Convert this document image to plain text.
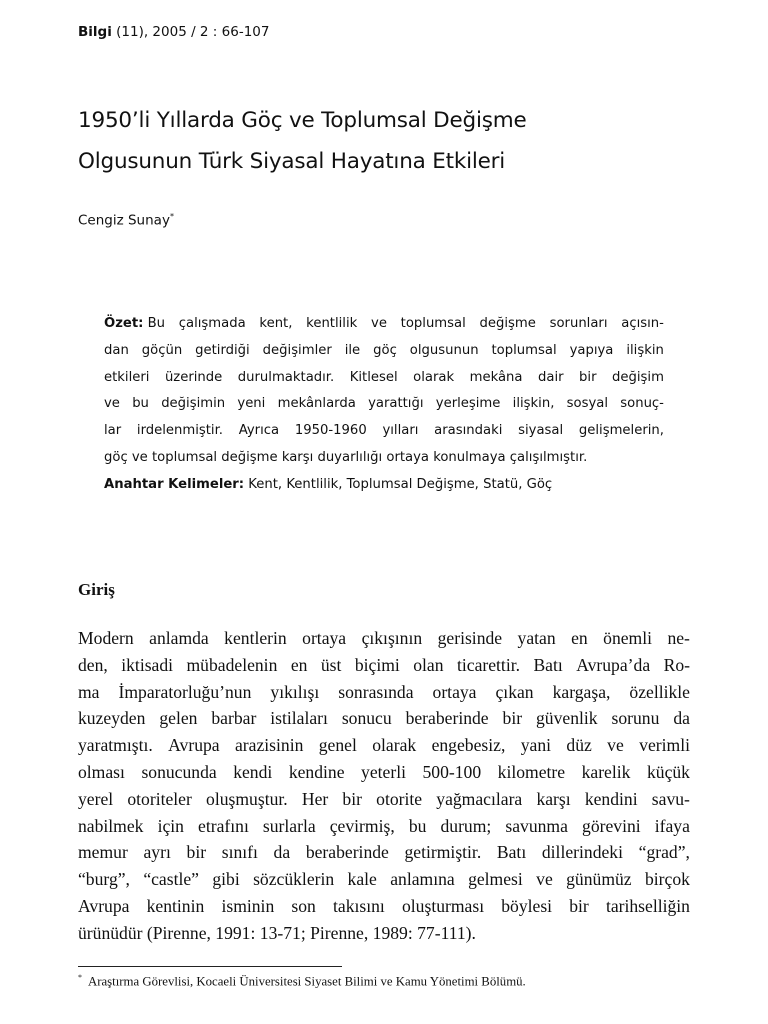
Bilgi (11), 2005 / 2 : 66-107
1950’li Yıllarda Göç ve Toplumsal Değişme
Olgusunun Türk Siyasal Hayatına Etkileri
Cengiz Sunay*
Özet: Bu çalışmada kent, kentlilik ve toplumsal değişme sorunları açısın-
dan göçün getirdiği değişimler ile göç olgusunun toplumsal yapıya ilişkin
etkileri üzerinde durulmaktadır. Kitlesel olarak mekâna dair bir değişim
ve bu değişimin yeni mekânlarda yarattığı yerleşime ilişkin, sosyal sonuç-
lar irdelenmiştir. Ayrıca 1950-1960 yılları arasındaki siyasal gelişmelerin,
göç ve toplumsal değişme karşı duyarlılığı ortaya konulmaya çalışılmıştır.
Anahtar Kelimeler:
Kent, Kentlilik, Toplumsal Değişme, Statü, Göç
Giriş
Modern anlamda kentlerin ortaya çıkışının gerisinde yatan en önemli ne-
den, iktisadi mübadelenin en üst biçimi olan ticarettir. Batı Avrupa’da Ro-
ma İmparatorluğu’nun yıkılışı sonrasında ortaya çıkan kargaşa, özellikle
kuzeyden gelen barbar istilaları sonucu beraberinde bir güvenlik sorunu da
yaratmıştı. Avrupa arazisinin genel olarak engebesiz, yani düz ve verimli
olması sonucunda kendi kendine yeterli 500-100 kilometre karelik küçük
yerel otoriteler oluşmuştur. Her bir otorite yağmacılara karşı kendini savu-
nabilmek için etrafını surlarla çevirmiş, bu durum; savunma görevini ifaya
memur ayrı bir sınıfı da beraberinde getirmiştir. Batı dillerindeki “grad”,
“burg”, “castle” gibi sözcüklerin kale anlamına gelmesi ve günümüz birçok
Avrupa kentinin isminin son takısını oluşturması böylesi bir tarihselliğin
ürünüdür (Pirenne, 1991: 13-71; Pirenne, 1989: 77-111).
* Araştırma Görevlisi, Kocaeli Üniversitesi Siyaset Bilimi ve Kamu Yönetimi Bölümü.
